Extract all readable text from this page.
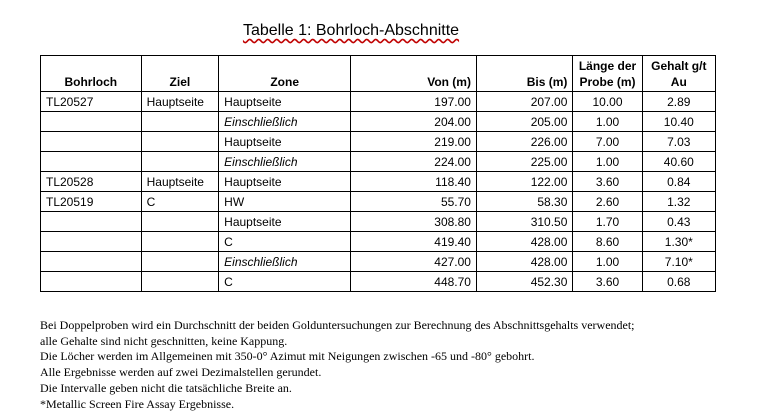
Tabelle 1: Bohrloch-Abschnitte
Bohrloch	Ziel	Zone	Von (m)	Bis (m)	Länge der Probe (m)	Gehalt g/t Au
TL20527	Hauptseite	Hauptseite	197.00	207.00	10.00	2.89
		Einschließlich	204.00	205.00	1.00	10.40
		Hauptseite	219.00	226.00	7.00	7.03
		Einschließlich	224.00	225.00	1.00	40.60
TL20528	Hauptseite	Hauptseite	118.40	122.00	3.60	0.84
TL20519	C	HW	55.70	58.30	2.60	1.32
		Hauptseite	308.80	310.50	1.70	0.43
		C	419.40	428.00	8.60	1.30*
		Einschließlich	427.00	428.00	1.00	7.10*
		C	448.70	452.30	3.60	0.68
Bei Doppelproben wird ein Durchschnitt der beiden Golduntersuchungen zur Berechnung des Abschnittsgehalts verwendet;
alle Gehalte sind nicht geschnitten, keine Kappung.
Die Löcher werden im Allgemeinen mit 350-0° Azimut mit Neigungen zwischen -65 und -80° gebohrt.
Alle Ergebnisse werden auf zwei Dezimalstellen gerundet.
Die Intervalle geben nicht die tatsächliche Breite an.
*Metallic Screen Fire Assay Ergebnisse.
